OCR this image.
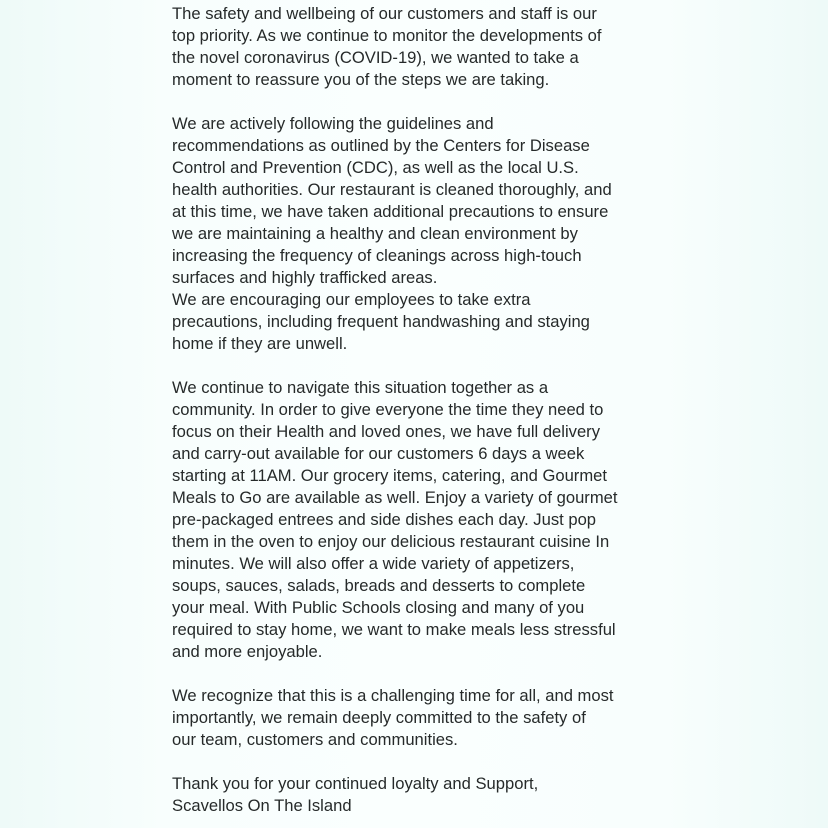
The safety and wellbeing of our customers and staff is our
top priority. As we continue to monitor the developments of
the novel coronavirus (COVID-19), we wanted to take a
moment to reassure you of the steps we are taking.
We are actively following the guidelines and
recommendations as outlined by the Centers for Disease
Control and Prevention (CDC), as well as the local U.S.
health authorities. Our restaurant is cleaned thoroughly, and
at this time, we have taken additional precautions to ensure
we are maintaining a healthy and clean environment by
increasing the frequency of cleanings across high-touch
surfaces and highly trafficked areas.
We are encouraging our employees to take extra
precautions, including frequent handwashing and staying
home if they are unwell.
We continue to navigate this situation together as a
community. In order to give everyone the time they need to
focus on their Health and loved ones, we have full delivery
and carry-out available for our customers 6 days a week
starting at 11AM. Our grocery items, catering, and Gourmet
Meals to Go are available as well. Enjoy a variety of gourmet
pre-packaged entrees and side dishes each day. Just pop
them in the oven to enjoy our delicious restaurant cuisine In
minutes. We will also offer a wide variety of appetizers,
soups, sauces, salads, breads and desserts to complete
your meal. With Public Schools closing and many of you
required to stay home, we want to make meals less stressful
and more enjoyable.
We recognize that this is a challenging time for all, and most
importantly, we remain deeply committed to the safety of
our team, customers and communities.
Thank you for your continued loyalty and Support,
Scavellos On The Island
